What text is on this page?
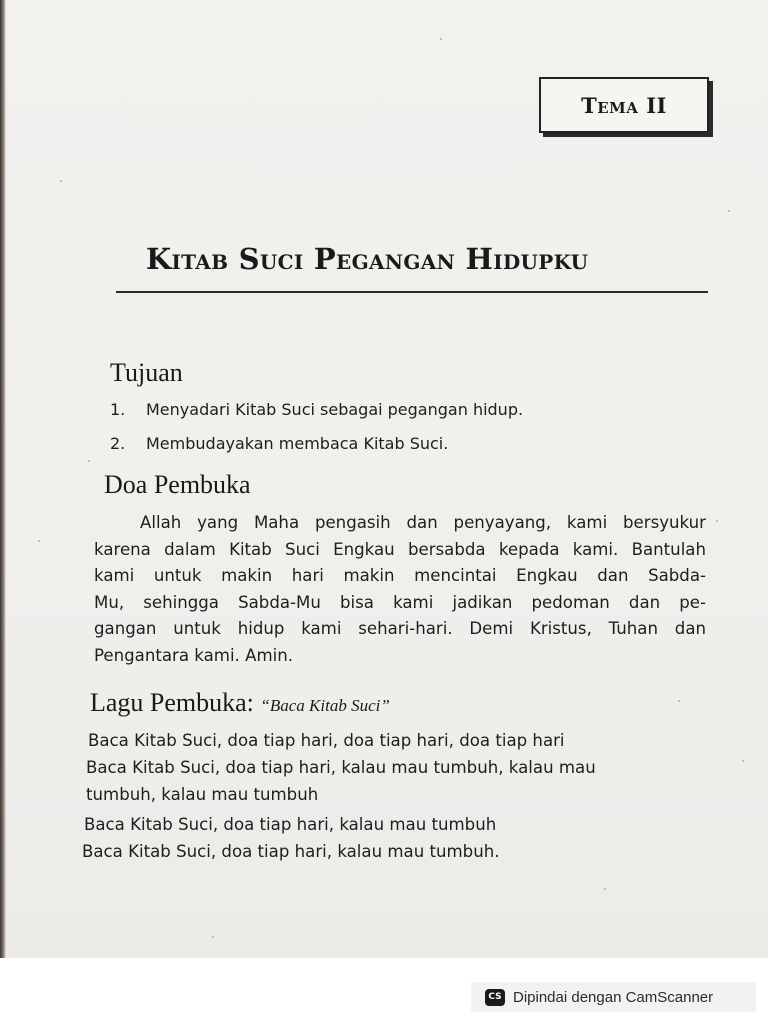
Tema II
Kitab Suci Pegangan Hidupku
Tujuan
1. Menyadari Kitab Suci sebagai pegangan hidup.
2. Membudayakan membaca Kitab Suci.
Doa Pembuka
Allah yang Maha pengasih dan penyayang, kami bersyukur
karena dalam Kitab Suci Engkau bersabda kepada kami. Bantulah
kami untuk makin hari makin mencintai Engkau dan Sabda-
Mu, sehingga Sabda-Mu bisa kami jadikan pedoman dan pe-
gangan untuk hidup kami sehari-hari. Demi Kristus, Tuhan dan
Pengantara kami. Amin.
Lagu Pembuka: “Baca Kitab Suci”
Baca Kitab Suci, doa tiap hari, doa tiap hari, doa tiap hari
Baca Kitab Suci, doa tiap hari, kalau mau tumbuh, kalau mau
tumbuh, kalau mau tumbuh
Baca Kitab Suci, doa tiap hari, kalau mau tumbuh
Baca Kitab Suci, doa tiap hari, kalau mau tumbuh.
CS Dipindai dengan CamScanner
